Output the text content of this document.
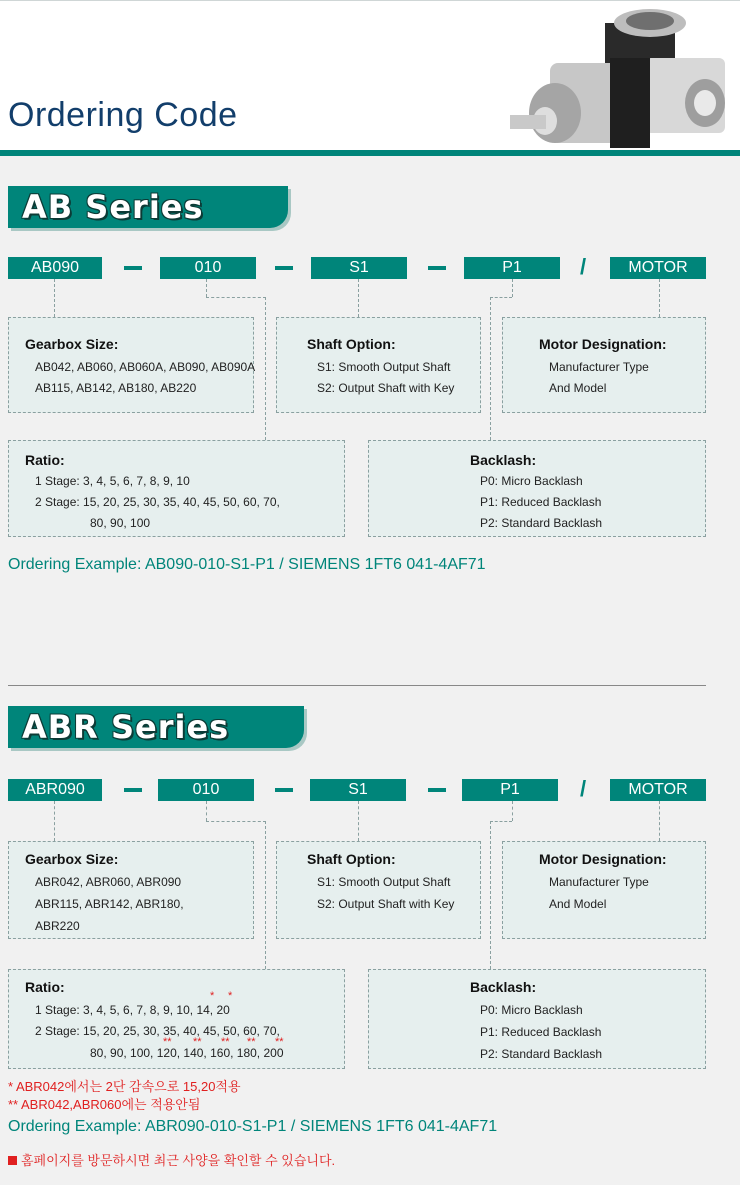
Ordering Code
AB Series
AB090	010	S1	P1	/	MOTOR
Gearbox Size:
AB042, AB060, AB060A, AB090, AB090A
AB115, AB142, AB180, AB220
Shaft Option:
S1: Smooth Output Shaft
S2: Output Shaft with Key
Motor Designation:
Manufacturer Type
And Model
Ratio:
1 Stage: 3, 4, 5, 6, 7, 8, 9, 10
2 Stage: 15, 20, 25, 30, 35, 40, 45, 50, 60, 70,
80, 90, 100
Backlash:
P0: Micro Backlash
P1: Reduced Backlash
P2: Standard Backlash
Ordering Example: AB090-010-S1-P1 / SIEMENS 1FT6 041-4AF71
ABR Series
ABR090	010	S1	P1	/	MOTOR
Gearbox Size:
ABR042, ABR060, ABR090
ABR115, ABR142, ABR180,
ABR220
Shaft Option:
S1: Smooth Output Shaft
S2: Output Shaft with Key
Motor Designation:
Manufacturer Type
And Model
Ratio:
* *
1 Stage: 3, 4, 5, 6, 7, 8, 9, 10, 14, 20
2 Stage: 15, 20, 25, 30, 35, 40, 45, 50, 60, 70,
** ** ** ** **
80, 90, 100, 120, 140, 160, 180, 200
Backlash:
P0: Micro Backlash
P1: Reduced Backlash
P2: Standard Backlash
* ABR042에서는 2단 감속으로 15,20적용
** ABR042,ABR060에는 적용안됨
Ordering Example: ABR090-010-S1-P1 / SIEMENS 1FT6 041-4AF71
홈페이지를 방문하시면 최근 사양을 확인할 수 있습니다.
